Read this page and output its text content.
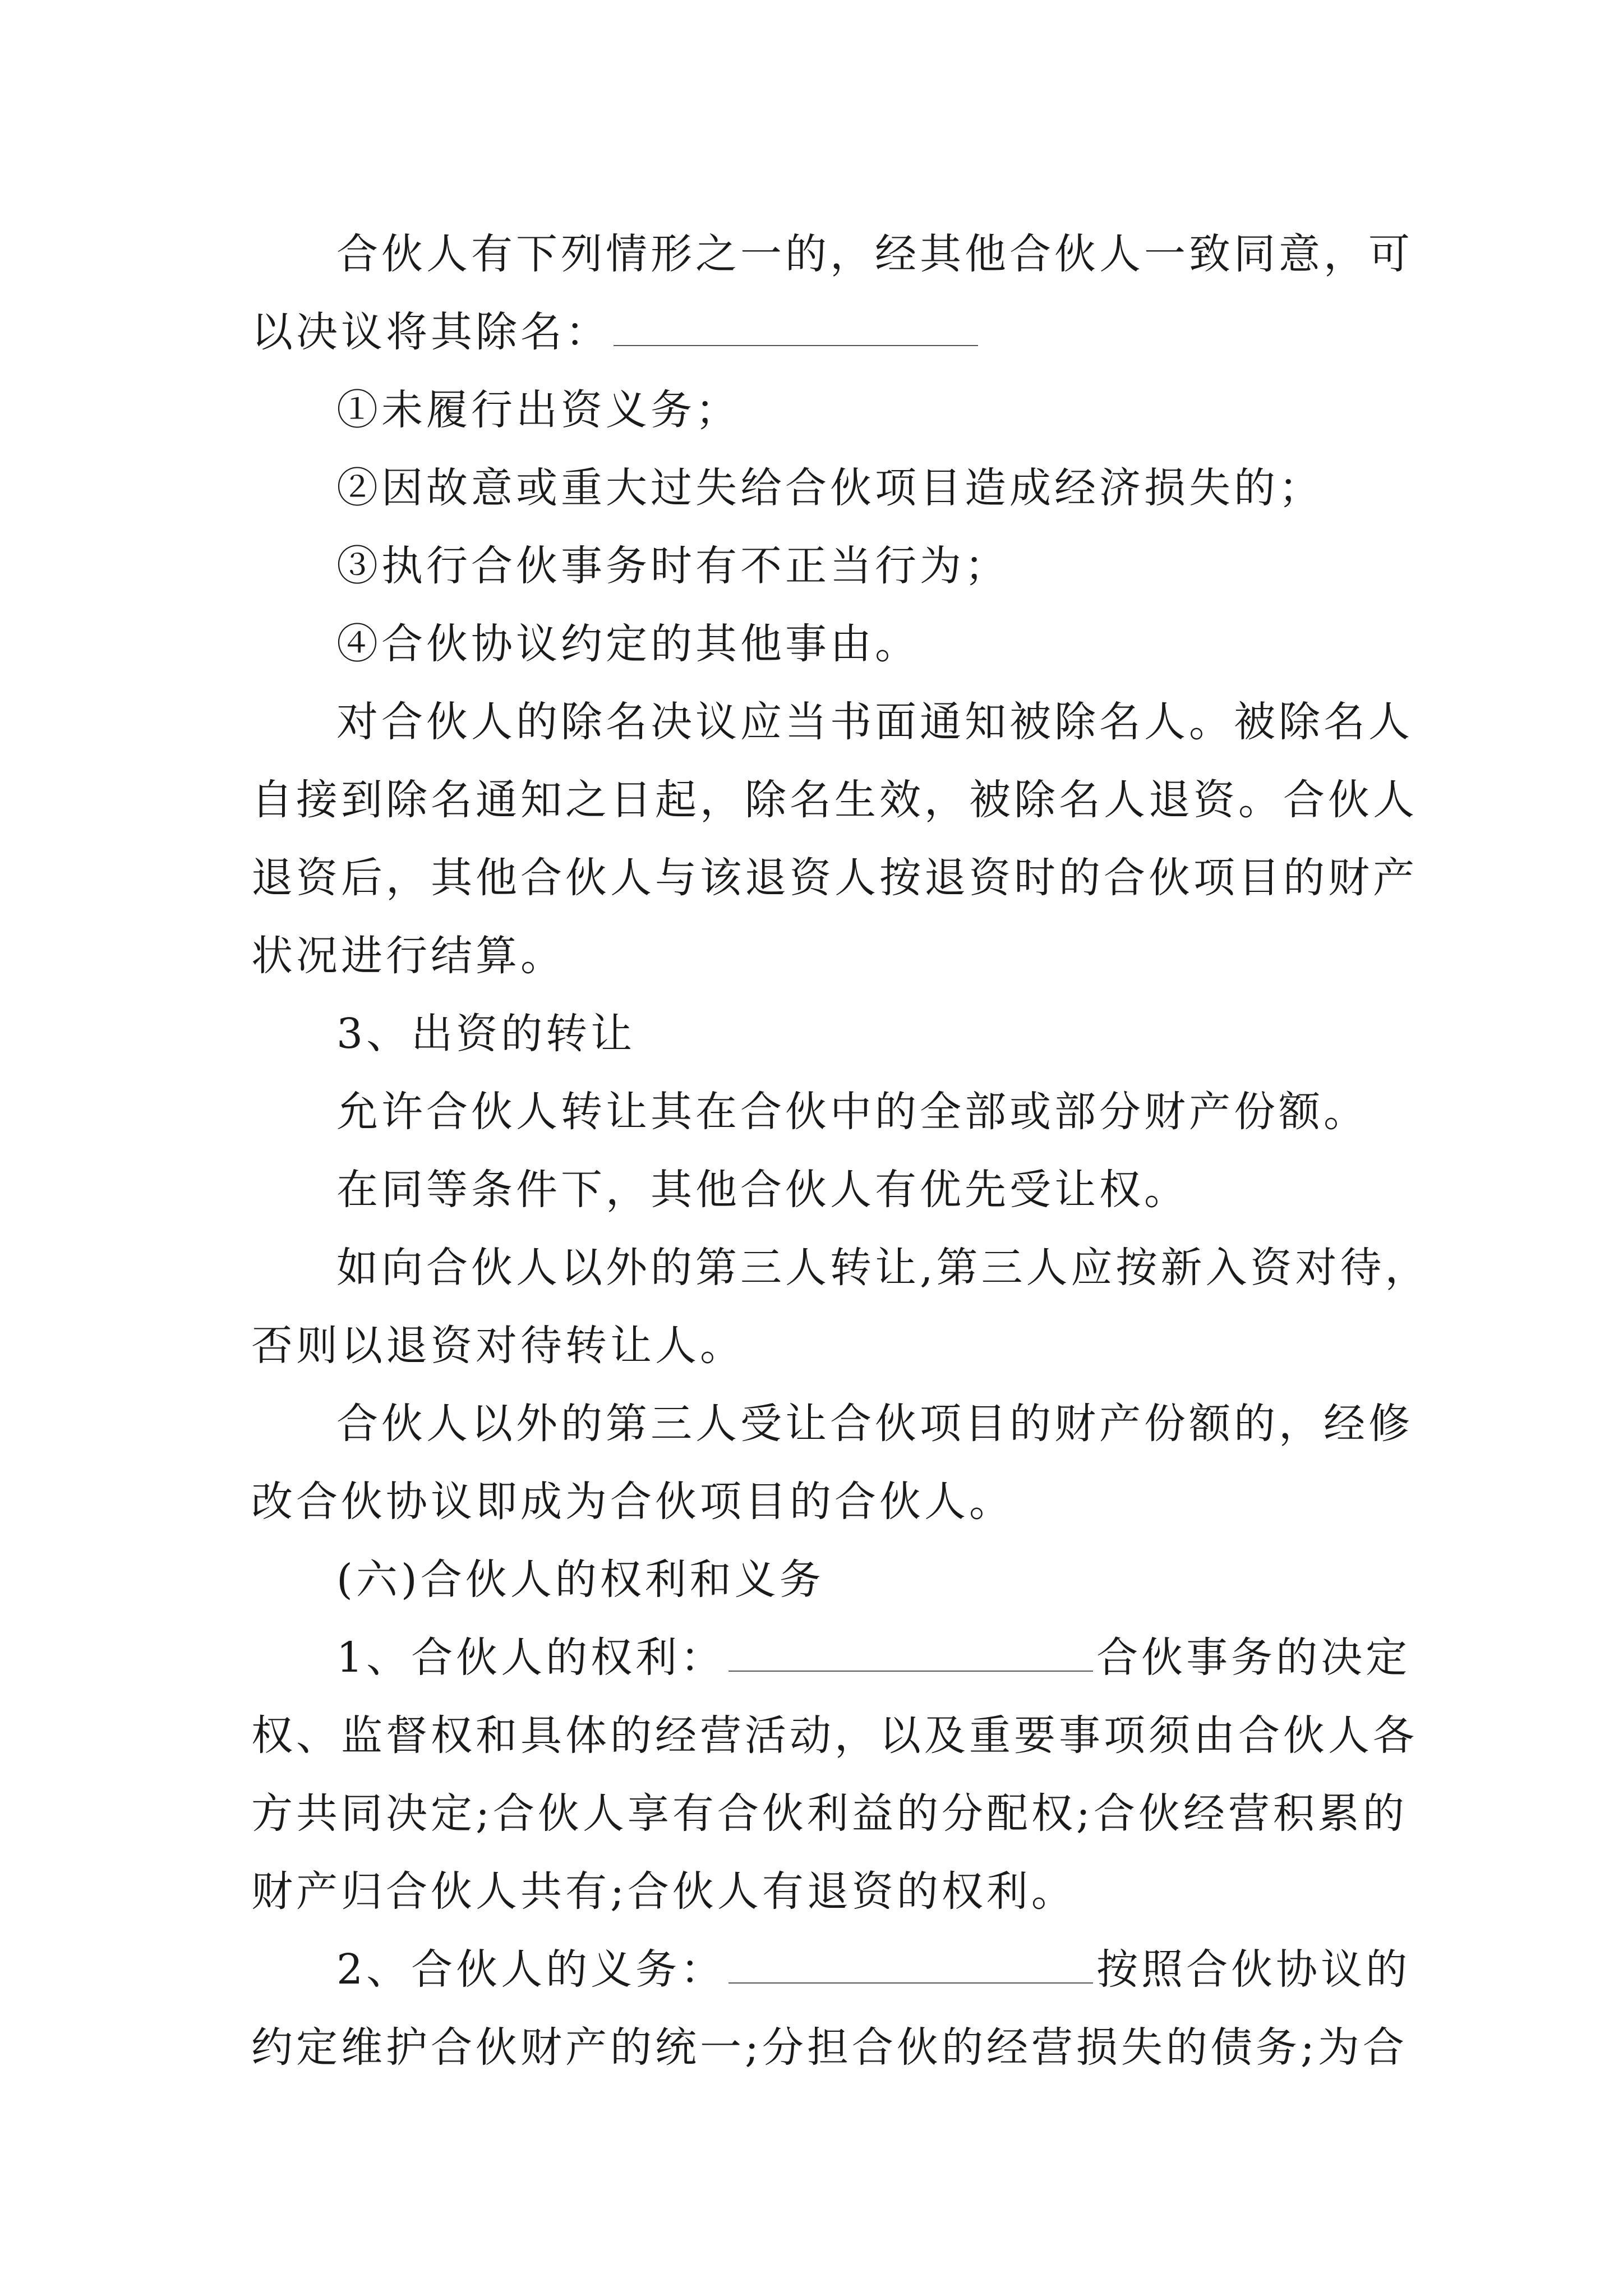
合伙人有下列情形之一的，经其他合伙人一致同意，可
以决议将其除名：
①未履行出资义务；
②因故意或重大过失给合伙项目造成经济损失的；
③执行合伙事务时有不正当行为；
④合伙协议约定的其他事由。
对合伙人的除名决议应当书面通知被除名人。被除名人
自接到除名通知之日起，除名生效，被除名人退资。合伙人
退资后，其他合伙人与该退资人按退资时的合伙项目的财产
状况进行结算。
3、出资的转让
允许合伙人转让其在合伙中的全部或部分财产份额。
在同等条件下，其他合伙人有优先受让权。
如向合伙人以外的第三人转让,第三人应按新入资对待，
否则以退资对待转让人。
合伙人以外的第三人受让合伙项目的财产份额的，经修
改合伙协议即成为合伙项目的合伙人。
(六)合伙人的权利和义务
1、合伙人的权利：	合伙事务的决定
权、监督权和具体的经营活动，以及重要事项须由合伙人各
方共同决定;合伙人享有合伙利益的分配权;合伙经营积累的
财产归合伙人共有;合伙人有退资的权利。
2、合伙人的义务：	按照合伙协议的
约定维护合伙财产的统一;分担合伙的经营损失的债务;为合
